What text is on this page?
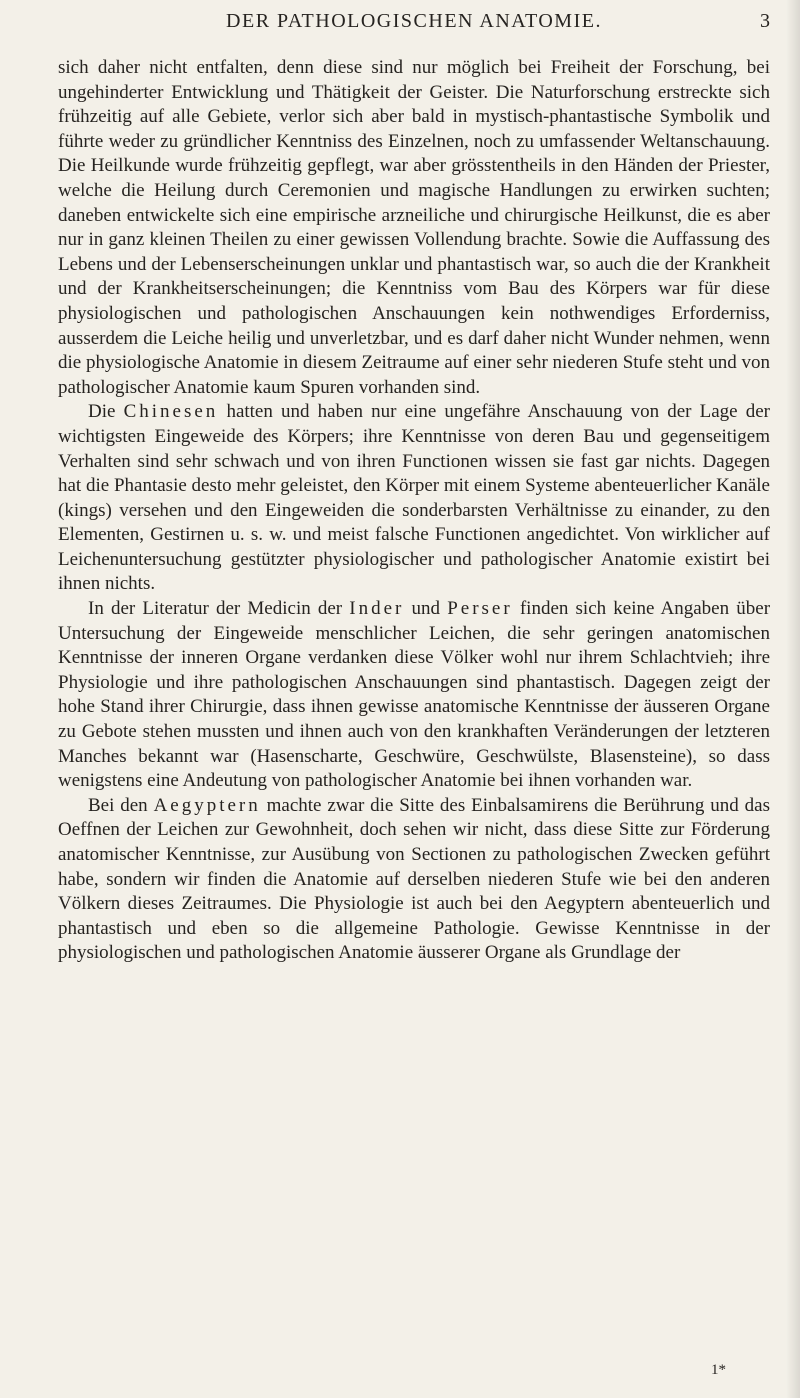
DER PATHOLOGISCHEN ANATOMIE.	3

sich daher nicht entfalten, denn diese sind nur möglich bei Freiheit der Forschung, bei ungehinderter Entwicklung und Thätigkeit der Geister. Die Naturforschung erstreckte sich frühzeitig auf alle Gebiete, verlor sich aber bald in mystisch-phantastische Symbolik und führte weder zu gründlicher Kenntniss des Einzelnen, noch zu umfassender Weltanschauung. Die Heilkunde wurde frühzeitig gepflegt, war aber grösstentheils in den Händen der Priester, welche die Heilung durch Ceremonien und magische Handlungen zu erwirken suchten; daneben entwickelte sich eine empirische arzneiliche und chirurgische Heilkunst, die es aber nur in ganz kleinen Theilen zu einer gewissen Vollendung brachte. Sowie die Auffassung des Lebens und der Lebenserscheinungen unklar und phantastisch war, so auch die der Krankheit und der Krankheitserscheinungen; die Kenntniss vom Bau des Körpers war für diese physiologischen und pathologischen Anschauungen kein nothwendiges Erforderniss, ausserdem die Leiche heilig und unverletzbar, und es darf daher nicht Wunder nehmen, wenn die physiologische Anatomie in diesem Zeitraume auf einer sehr niederen Stufe steht und von pathologischer Anatomie kaum Spuren vorhanden sind.

Die Chinesen hatten und haben nur eine ungefähre Anschauung von der Lage der wichtigsten Eingeweide des Körpers; ihre Kenntnisse von deren Bau und gegenseitigem Verhalten sind sehr schwach und von ihren Functionen wissen sie fast gar nichts. Dagegen hat die Phantasie desto mehr geleistet, den Körper mit einem Systeme abenteuerlicher Kanäle (kings) versehen und den Eingeweiden die sonderbarsten Verhältnisse zu einander, zu den Elementen, Gestirnen u. s. w. und meist falsche Functionen angedichtet. Von wirklicher auf Leichenuntersuchung gestützter physiologischer und pathologischer Anatomie existirt bei ihnen nichts.

In der Literatur der Medicin der Inder und Perser finden sich keine Angaben über Untersuchung der Eingeweide menschlicher Leichen, die sehr geringen anatomischen Kenntnisse der inneren Organe verdanken diese Völker wohl nur ihrem Schlachtvieh; ihre Physiologie und ihre pathologischen Anschauungen sind phantastisch. Dagegen zeigt der hohe Stand ihrer Chirurgie, dass ihnen gewisse anatomische Kenntnisse der äusseren Organe zu Gebote stehen mussten und ihnen auch von den krankhaften Veränderungen der letzteren Manches bekannt war (Hasenscharte, Geschwüre, Geschwülste, Blasensteine), so dass wenigstens eine Andeutung von pathologischer Anatomie bei ihnen vorhanden war.

Bei den Aegyptern machte zwar die Sitte des Einbalsamirens die Berührung und das Oeffnen der Leichen zur Gewohnheit, doch sehen wir nicht, dass diese Sitte zur Förderung anatomischer Kenntnisse, zur Ausübung von Sectionen zu pathologischen Zwecken geführt habe, sondern wir finden die Anatomie auf derselben niederen Stufe wie bei den anderen Völkern dieses Zeitraumes. Die Physiologie ist auch bei den Aegyptern abenteuerlich und phantastisch und eben so die allgemeine Pathologie. Gewisse Kenntnisse in der physiologischen und pathologischen Anatomie äusserer Organe als Grundlage der

1*
